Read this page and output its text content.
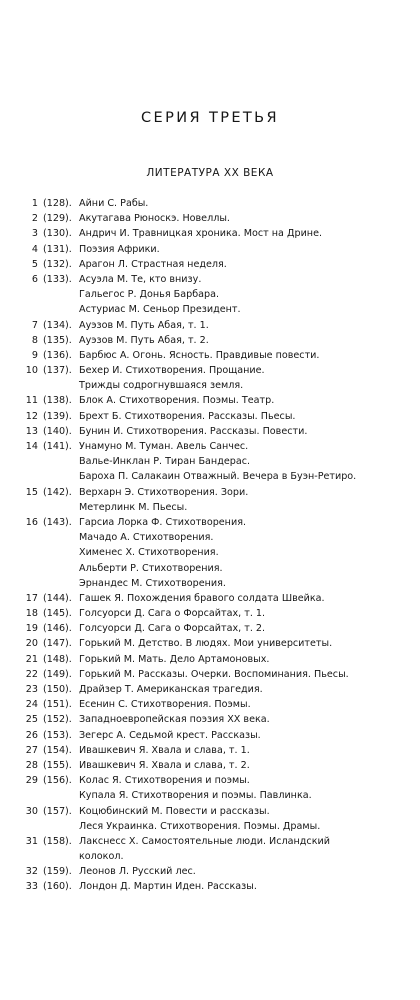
СЕРИЯ ТРЕТЬЯ
ЛИТЕРАТУРА XX ВЕКА
1 (128). Айни С. Рабы.
2 (129). Акутагава Рюноскэ. Новеллы.
3 (130). Андрич И. Травницкая хроника. Мост на Дрине.
4 (131). Поэзия Африки.
5 (132). Арагон Л. Страстная неделя.
6 (133). Асуэла М. Те, кто внизу.
Гальегос Р. Донья Барбара.
Астуриас М. Сеньор Президент.
7 (134). Ауэзов М. Путь Абая, т. 1.
8 (135). Ауэзов М. Путь Абая, т. 2.
9 (136). Барбюс А. Огонь. Ясность. Правдивые повести.
10 (137). Бехер И. Стихотворения. Прощание.
Трижды содрогнувшаяся земля.
11 (138). Блок А. Стихотворения. Поэмы. Театр.
12 (139). Брехт Б. Стихотворения. Рассказы. Пьесы.
13 (140). Бунин И. Стихотворения. Рассказы. Повести.
14 (141). Унамуно М. Туман. Авель Санчес.
Валье-Инклан Р. Тиран Бандерас.
Бароха П. Салакаин Отважный. Вечера в Буэн-Ретиро.
15 (142). Верхарн Э. Стихотворения. Зори.
Метерлинк М. Пьесы.
16 (143). Гарсиа Лорка Ф. Стихотворения.
Мачадо А. Стихотворения.
Хименес Х. Стихотворения.
Альберти Р. Стихотворения.
Эрнандес М. Стихотворения.
17 (144). Гашек Я. Похождения бравого солдата Швейка.
18 (145). Голсуорси Д. Сага о Форсайтах, т. 1.
19 (146). Голсуорси Д. Сага о Форсайтах, т. 2.
20 (147). Горький М. Детство. В людях. Мои университеты.
21 (148). Горький М. Мать. Дело Артамоновых.
22 (149). Горький М. Рассказы. Очерки. Воспоминания. Пьесы.
23 (150). Драйзер Т. Американская трагедия.
24 (151). Есенин С. Стихотворения. Поэмы.
25 (152). Западноевропейская поэзия XX века.
26 (153). Зегерс А. Седьмой крест. Рассказы.
27 (154). Ивашкевич Я. Хвала и слава, т. 1.
28 (155). Ивашкевич Я. Хвала и слава, т. 2.
29 (156). Колас Я. Стихотворения и поэмы.
Купала Я. Стихотворения и поэмы. Павлинка.
30 (157). Коцюбинский М. Повести и рассказы.
Леся Украинка. Стихотворения. Поэмы. Драмы.
31 (158). Лакснесс Х. Самостоятельные люди. Исландский
колокол.
32 (159). Леонов Л. Русский лес.
33 (160). Лондон Д. Мартин Иден. Рассказы.
